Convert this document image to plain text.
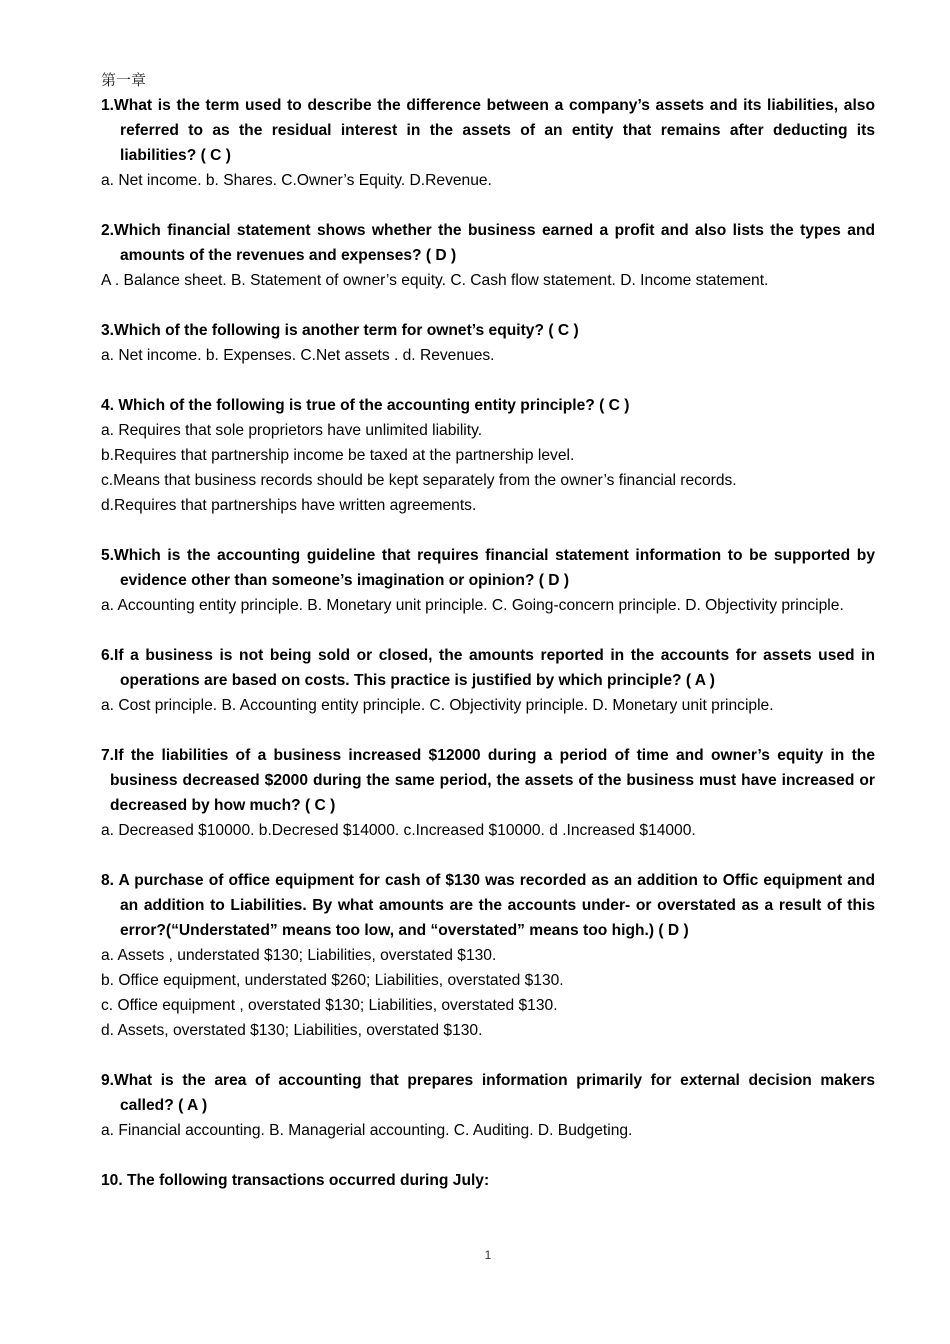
第一章
1.What is the term used to describe the difference between a company’s assets and its liabilities, also referred to as the residual interest in the assets of an entity that remains after deducting its liabilities? ( C )
a. Net income. b. Shares. C.Owner’s Equity. D.Revenue.
2.Which financial statement shows whether the business earned a profit and also lists the types and amounts of the revenues and expenses? ( D )
A . Balance sheet. B. Statement of owner’s equity. C. Cash flow statement. D. Income statement.
3.Which of the following is another term for ownet’s equity? ( C )
a. Net income. b. Expenses. C.Net assets . d. Revenues.
4. Which of the following is true of the accounting entity principle? ( C )
a. Requires that sole proprietors have unlimited liability.
b.Requires that partnership income be taxed at the partnership level.
c.Means that business records should be kept separately from the owner’s financial records.
d.Requires that partnerships have written agreements.
5.Which is the accounting guideline that requires financial statement information to be supported by evidence other than someone’s imagination or opinion? ( D )
a. Accounting entity principle. B. Monetary unit principle. C. Going-concern principle. D. Objectivity principle.
6.If a business is not being sold or closed, the amounts reported in the accounts for assets used in operations are based on costs. This practice is justified by which principle? ( A )
a. Cost principle. B. Accounting entity principle. C. Objectivity principle. D. Monetary unit principle.
7.If the liabilities of a business increased $12000 during a period of time and owner’s equity in the business decreased $2000 during the same period, the assets of the business must have increased or decreased by how much? ( C )
a. Decreased $10000. b.Decresed $14000. c.Increased $10000. d .Increased $14000.
8. A purchase of office equipment for cash of $130 was recorded as an addition to Offic equipment and an addition to Liabilities. By what amounts are the accounts under- or overstated as a result of this error?(“Understated” means too low, and “overstated” means too high.) ( D )
a. Assets , understated $130; Liabilities, overstated $130.
b. Office equipment, understated $260; Liabilities, overstated $130.
c. Office equipment , overstated $130; Liabilities, overstated $130.
d. Assets, overstated $130; Liabilities, overstated $130.
9.What is the area of accounting that prepares information primarily for external decision makers called? ( A )
a. Financial accounting. B. Managerial accounting. C. Auditing. D. Budgeting.
10. The following transactions occurred during July:
1
